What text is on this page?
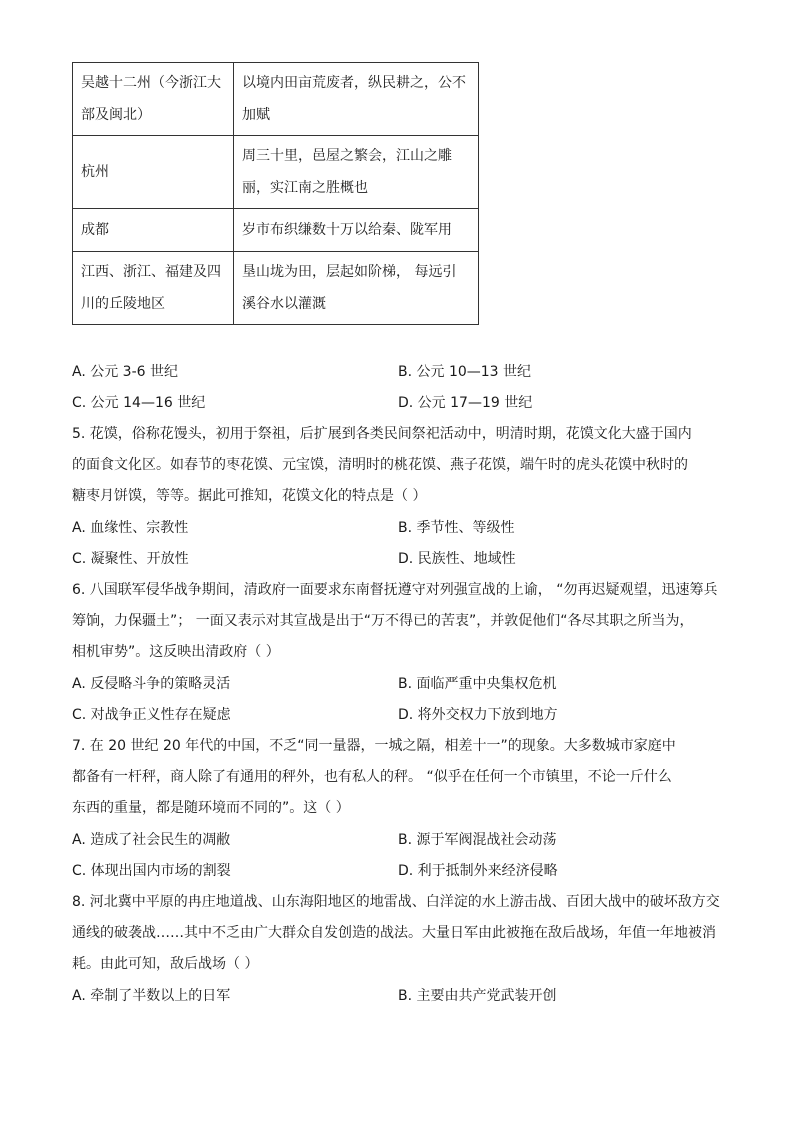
吴越十二州（今浙江大部及闽北）	以境内田亩荒废者，纵民耕之，公不加赋
杭州	周三十里，邑屋之繁会，江山之雕丽，实江南之胜概也
成都	岁市布织缣数十万以给秦、陇军用
江西、浙江、福建及四川的丘陵地区	垦山垅为田，层起如阶梯， 每远引溪谷水以灌溉
A. 公元 3-6 世纪	B. 公元 10—13 世纪
C. 公元 14—16 世纪	D. 公元 17—19 世纪
5. 花馍，俗称花馒头，初用于祭祖，后扩展到各类民间祭祀活动中，明清时期，花馍文化大盛于国内
的面食文化区。如春节的枣花馍、元宝馍，清明时的桃花馍、燕子花馍，端午时的虎头花馍中秋时的
糖枣月饼馍，等等。据此可推知，花馍文化的特点是（ ）
A. 血缘性、宗教性	B. 季节性、等级性
C. 凝聚性、开放性	D. 民族性、地域性
6. 八国联军侵华战争期间，清政府一面要求东南督抚遵守对列强宣战的上谕， “勿再迟疑观望，迅速筹兵
筹饷，力保疆土”； 一面又表示对其宣战是出于“万不得已的苦衷”，并敦促他们“各尽其职之所当为，
相机审势”。这反映出清政府（ ）
A. 反侵略斗争的策略灵活	B. 面临严重中央集权危机
C. 对战争正义性存在疑虑	D. 将外交权力下放到地方
7. 在 20 世纪 20 年代的中国，不乏“同一量器，一城之隔，相差十一”的现象。大多数城市家庭中
都备有一杆秤，商人除了有通用的秤外，也有私人的秤。 “似乎在任何一个市镇里，不论一斤什么
东西的重量，都是随环境而不同的”。这（ ）
A. 造成了社会民生的凋敝	B. 源于军阀混战社会动荡
C. 体现出国内市场的割裂	D. 利于抵制外来经济侵略
8. 河北冀中平原的冉庄地道战、山东海阳地区的地雷战、白洋淀的水上游击战、百团大战中的破坏敌方交
通线的破袭战……其中不乏由广大群众自发创造的战法。大量日军由此被拖在敌后战场，年值一年地被消
耗。由此可知，敌后战场（ ）
A. 牵制了半数以上的日军	B. 主要由共产党武装开创
